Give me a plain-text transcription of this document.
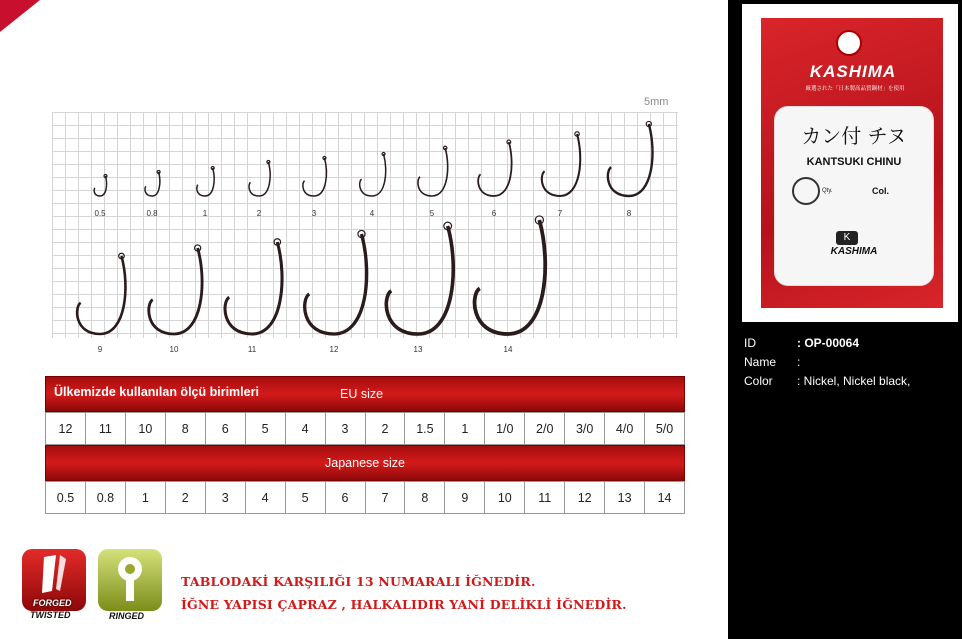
5mm
0.5	0.8	1	2	3	4	5	6	7	8
9	10	11	12	13	14
Ülkemizde kullanılan ölçü birimleri	EU size
12	11	10	8	6	5	4	3	2	1.5	1	1/0	2/0	3/0	4/0	5/0
Japanese size
0.5	0.8	1	2	3	4	5	6	7	8	9	10	11	12	13	14
FORGED
TWISTED	RINGED
TABLODAKİ KARŞILIĞI 13 NUMARALI İĞNEDİR.
İĞNE YAPISI ÇAPRAZ , HALKALIDIR YANİ DELİKLİ İĞNEDİR.
KASHIMA
厳選された「日本製高品質鋼材」を使用
カン付 チヌ
KANTSUKI CHINU
Qty.	Col.
K
KASHIMA
ID	: OP-00064
Name :
Color : Nickel, Nickel black,
